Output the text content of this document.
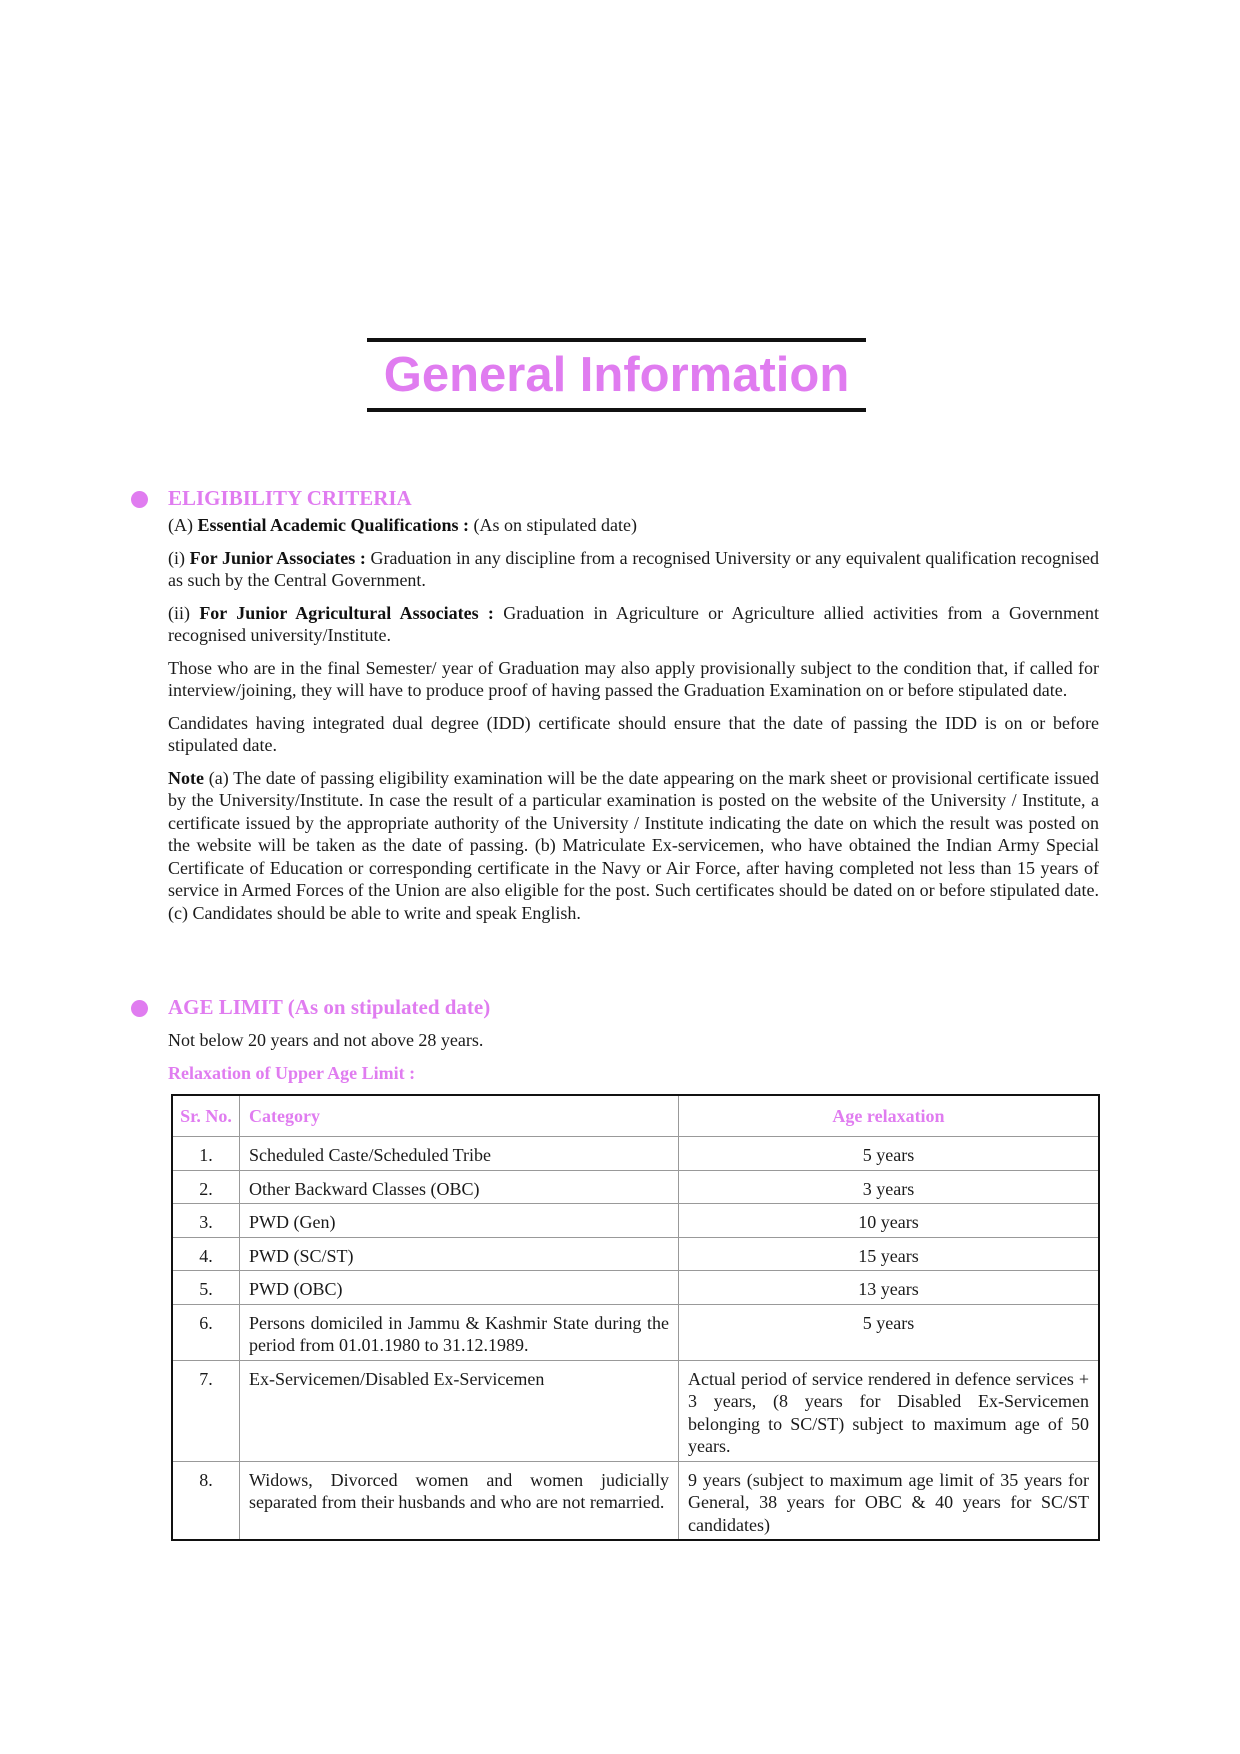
General Information
ELIGIBILITY CRITERIA

(A) Essential Academic Qualifications : (As on stipulated date)

(i) For Junior Associates : Graduation in any discipline from a recognised University or any equivalent qualification recognised as such by the Central Government.

(ii) For Junior Agricultural Associates : Graduation in Agriculture or Agriculture allied activities from a Government recognised university/Institute.

Those who are in the final Semester/ year of Graduation may also apply provisionally subject to the condition that, if called for interview/joining, they will have to produce proof of having passed the Graduation Examination on or before stipulated date.

Candidates having integrated dual degree (IDD) certificate should ensure that the date of passing the IDD is on or before stipulated date.

Note (a) The date of passing eligibility examination will be the date appearing on the mark sheet or provisional certificate issued by the University/Institute. In case the result of a particular examination is posted on the website of the University / Institute, a certificate issued by the appropriate authority of the University / Institute indicating the date on which the result was posted on the website will be taken as the date of passing. (b) Matriculate Ex-servicemen, who have obtained the Indian Army Special Certificate of Education or corresponding certificate in the Navy or Air Force, after having completed not less than 15 years of service in Armed Forces of the Union are also eligible for the post. Such certificates should be dated on or before stipulated date. (c) Candidates should be able to write and speak English.

AGE LIMIT (As on stipulated date)

Not below 20 years and not above 28 years.

Relaxation of Upper Age Limit :
Sr. No.	Category	Age relaxation
1.	Scheduled Caste/Scheduled Tribe	5 years
2.	Other Backward Classes (OBC)	3 years
3.	PWD (Gen)	10 years
4.	PWD (SC/ST)	15 years
5.	PWD (OBC)	13 years
6.	Persons domiciled in Jammu & Kashmir State during the period from 01.01.1980 to 31.12.1989.	5 years
7.	Ex-Servicemen/Disabled Ex-Servicemen	Actual period of service rendered in defence services + 3 years, (8 years for Disabled Ex-Servicemen belonging to SC/ST) subject to maximum age of 50 years.
8.	Widows, Divorced women and women judicially separated from their husbands and who are not remarried.	9 years (subject to maximum age limit of 35 years for General, 38 years for OBC & 40 years for SC/ST candidates)
